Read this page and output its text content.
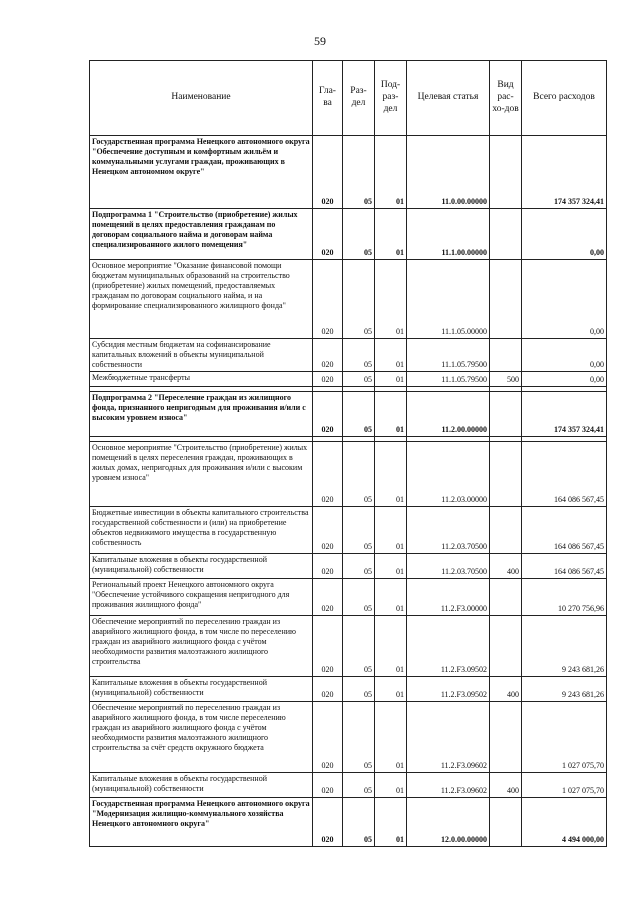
59
Наименование	Гла-ва	Раз-дел	Под-раз-дел	Целевая статья	Вид рас-хо-дов	Всего расходов
Государственная программа Ненецкого автономного округа "Обеспечение доступным и комфортным жильём и коммунальными услугами граждан, проживающих в Ненецком автономном округе"	020	05	01	11.0.00.00000		174 357 324,41
Подпрограмма 1 "Строительство (приобретение) жилых помещений в целях предоставления гражданам по договорам социального найма и договорам найма специализированного жилого помещения"	020	05	01	11.1.00.00000		0,00
Основное мероприятие "Оказание финансовой помощи бюджетам муниципальных образований на строительство (приобретение) жилых помещений, предоставляемых гражданам по договорам социального найма, и на формирование специализированного жилищного фонда"	020	05	01	11.1.05.00000		0,00
Субсидия местным бюджетам на софинансирование капитальных вложений в объекты муниципальной собственности	020	05	01	11.1.05.79500		0,00
Межбюджетные трансферты	020	05	01	11.1.05.79500	500	0,00

Подпрограмма 2 "Переселение граждан из жилищного фонда, признанного непригодным для проживания и/или с высоким уровнем износа"	020	05	01	11.2.00.00000		174 357 324,41

Основное мероприятие "Строительство (приобретение) жилых помещений в целях переселения граждан, проживающих в жилых домах, непригодных для проживания и/или с высоким уровнем износа"	020	05	01	11.2.03.00000		164 086 567,45
Бюджетные инвестиции в объекты капитального строительства государственной собственности и (или) на приобретение объектов недвижимого имущества в государственную собственность	020	05	01	11.2.03.70500		164 086 567,45
Капитальные вложения в объекты государственной (муниципальной) собственности	020	05	01	11.2.03.70500	400	164 086 567,45
Региональный проект Ненецкого автономного округа "Обеспечение устойчивого сокращения непригодного для проживания жилищного фонда"	020	05	01	11.2.F3.00000		10 270 756,96
Обеспечение мероприятий по переселению граждан из аварийного жилищного фонда, в том числе по переселению граждан из аварийного жилищного фонда с учётом необходимости развития малоэтажного жилищного строительства	020	05	01	11.2.F3.09502		9 243 681,26
Капитальные вложения в объекты государственной (муниципальной) собственности	020	05	01	11.2.F3.09502	400	9 243 681,26
Обеспечение мероприятий по переселению граждан из аварийного жилищного фонда, в том числе переселению граждан из аварийного жилищного фонда с учётом необходимости развития малоэтажного жилищного строительства за счёт средств окружного бюджета	020	05	01	11.2.F3.09602		1 027 075,70
Капитальные вложения в объекты государственной (муниципальной) собственности	020	05	01	11.2.F3.09602	400	1 027 075,70
Государственная программа Ненецкого автономного округа "Модернизация жилищно-коммунального хозяйства Ненецкого автономного округа"	020	05	01	12.0.00.00000		4 494 000,00
